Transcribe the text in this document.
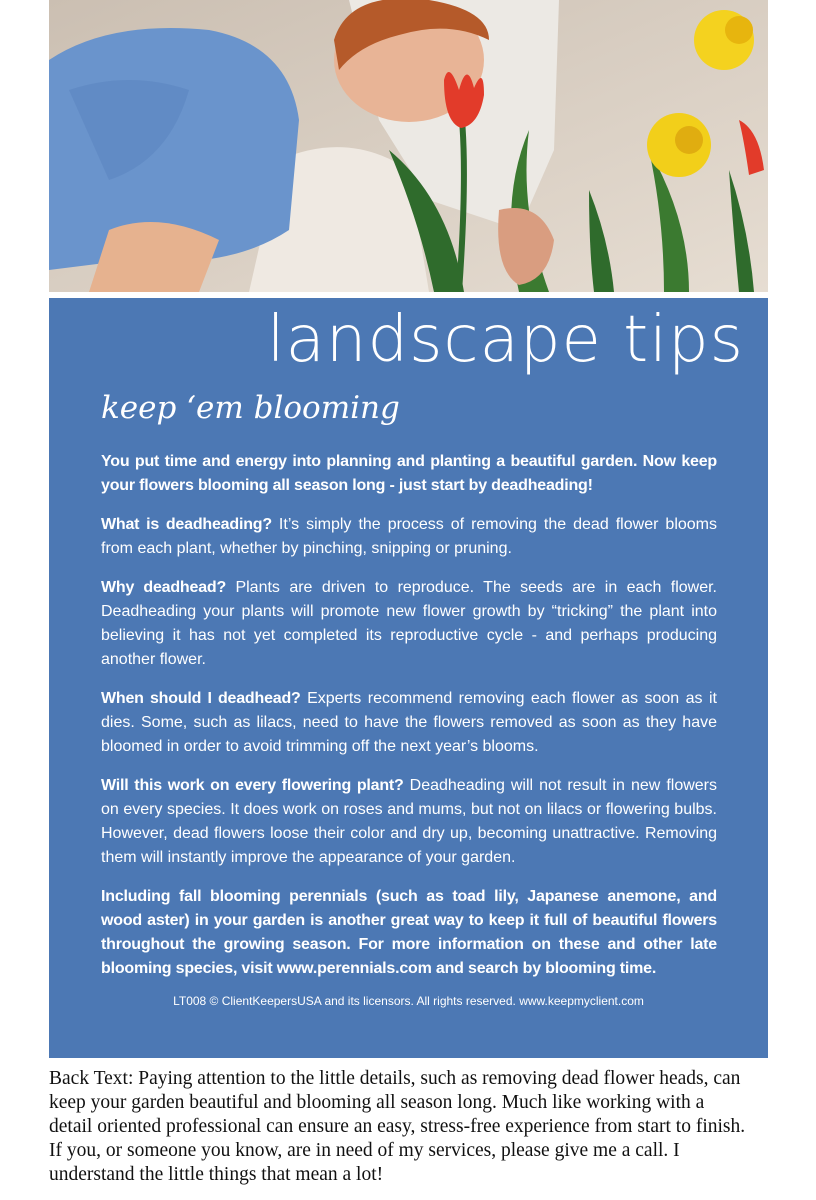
landscape tips
keep ‘em blooming

You put time and energy into planning and planting a beautiful garden. Now keep your flowers blooming all season long - just start by deadheading!

What is deadheading? It’s simply the process of removing the dead flower blooms from each plant, whether by pinching, snipping or pruning.

Why deadhead? Plants are driven to reproduce. The seeds are in each flower. Deadheading your plants will promote new flower growth by “tricking” the plant into believing it has not yet completed its reproductive cycle - and perhaps producing another flower.

When should I deadhead? Experts recommend removing each flower as soon as it dies. Some, such as lilacs, need to have the flowers removed as soon as they have bloomed in order to avoid trimming off the next year’s blooms.

Will this work on every flowering plant? Deadheading will not result in new flowers on every species. It does work on roses and mums, but not on lilacs or flowering bulbs. However, dead flowers loose their color and dry up, becoming unattractive. Removing them will instantly improve the appearance of your garden.

Including fall blooming perennials (such as toad lily, Japanese anemone, and wood aster) in your garden is another great way to keep it full of beautiful flowers throughout the growing season. For more information on these and other late blooming species, visit www.perennials.com and search by blooming time.

LT008 © ClientKeepersUSA and its licensors. All rights reserved. www.keepmyclient.com
Back Text: Paying attention to the little details, such as removing dead flower heads, can keep your garden beautiful and blooming all season long. Much like working with a detail oriented professional can ensure an easy, stress-free experience from start to finish. If you, or someone you know, are in need of my services, please give me a call. I understand the little things that mean a lot!
